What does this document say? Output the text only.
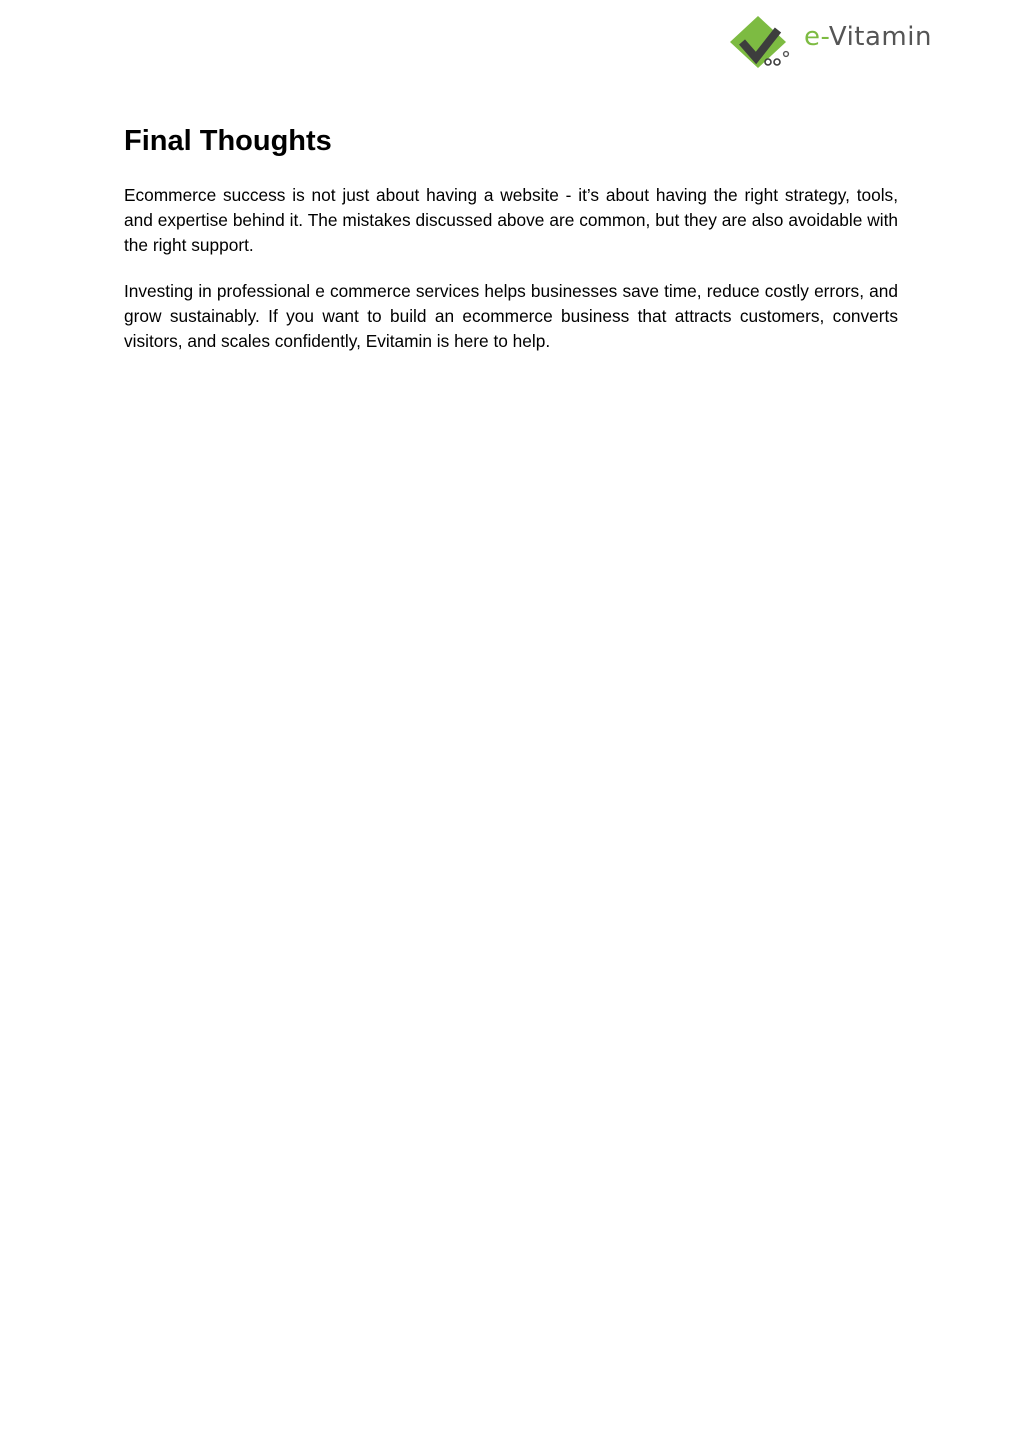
e-Vitamin
Final Thoughts

Ecommerce success is not just about having a website - it’s about having the right strategy, tools, and expertise behind it. The mistakes discussed above are common, but they are also avoidable with the right support.

Investing in professional e commerce services helps businesses save time, reduce costly errors, and grow sustainably. If you want to build an ecommerce business that attracts customers, converts visitors, and scales confidently, Evitamin is here to help.
